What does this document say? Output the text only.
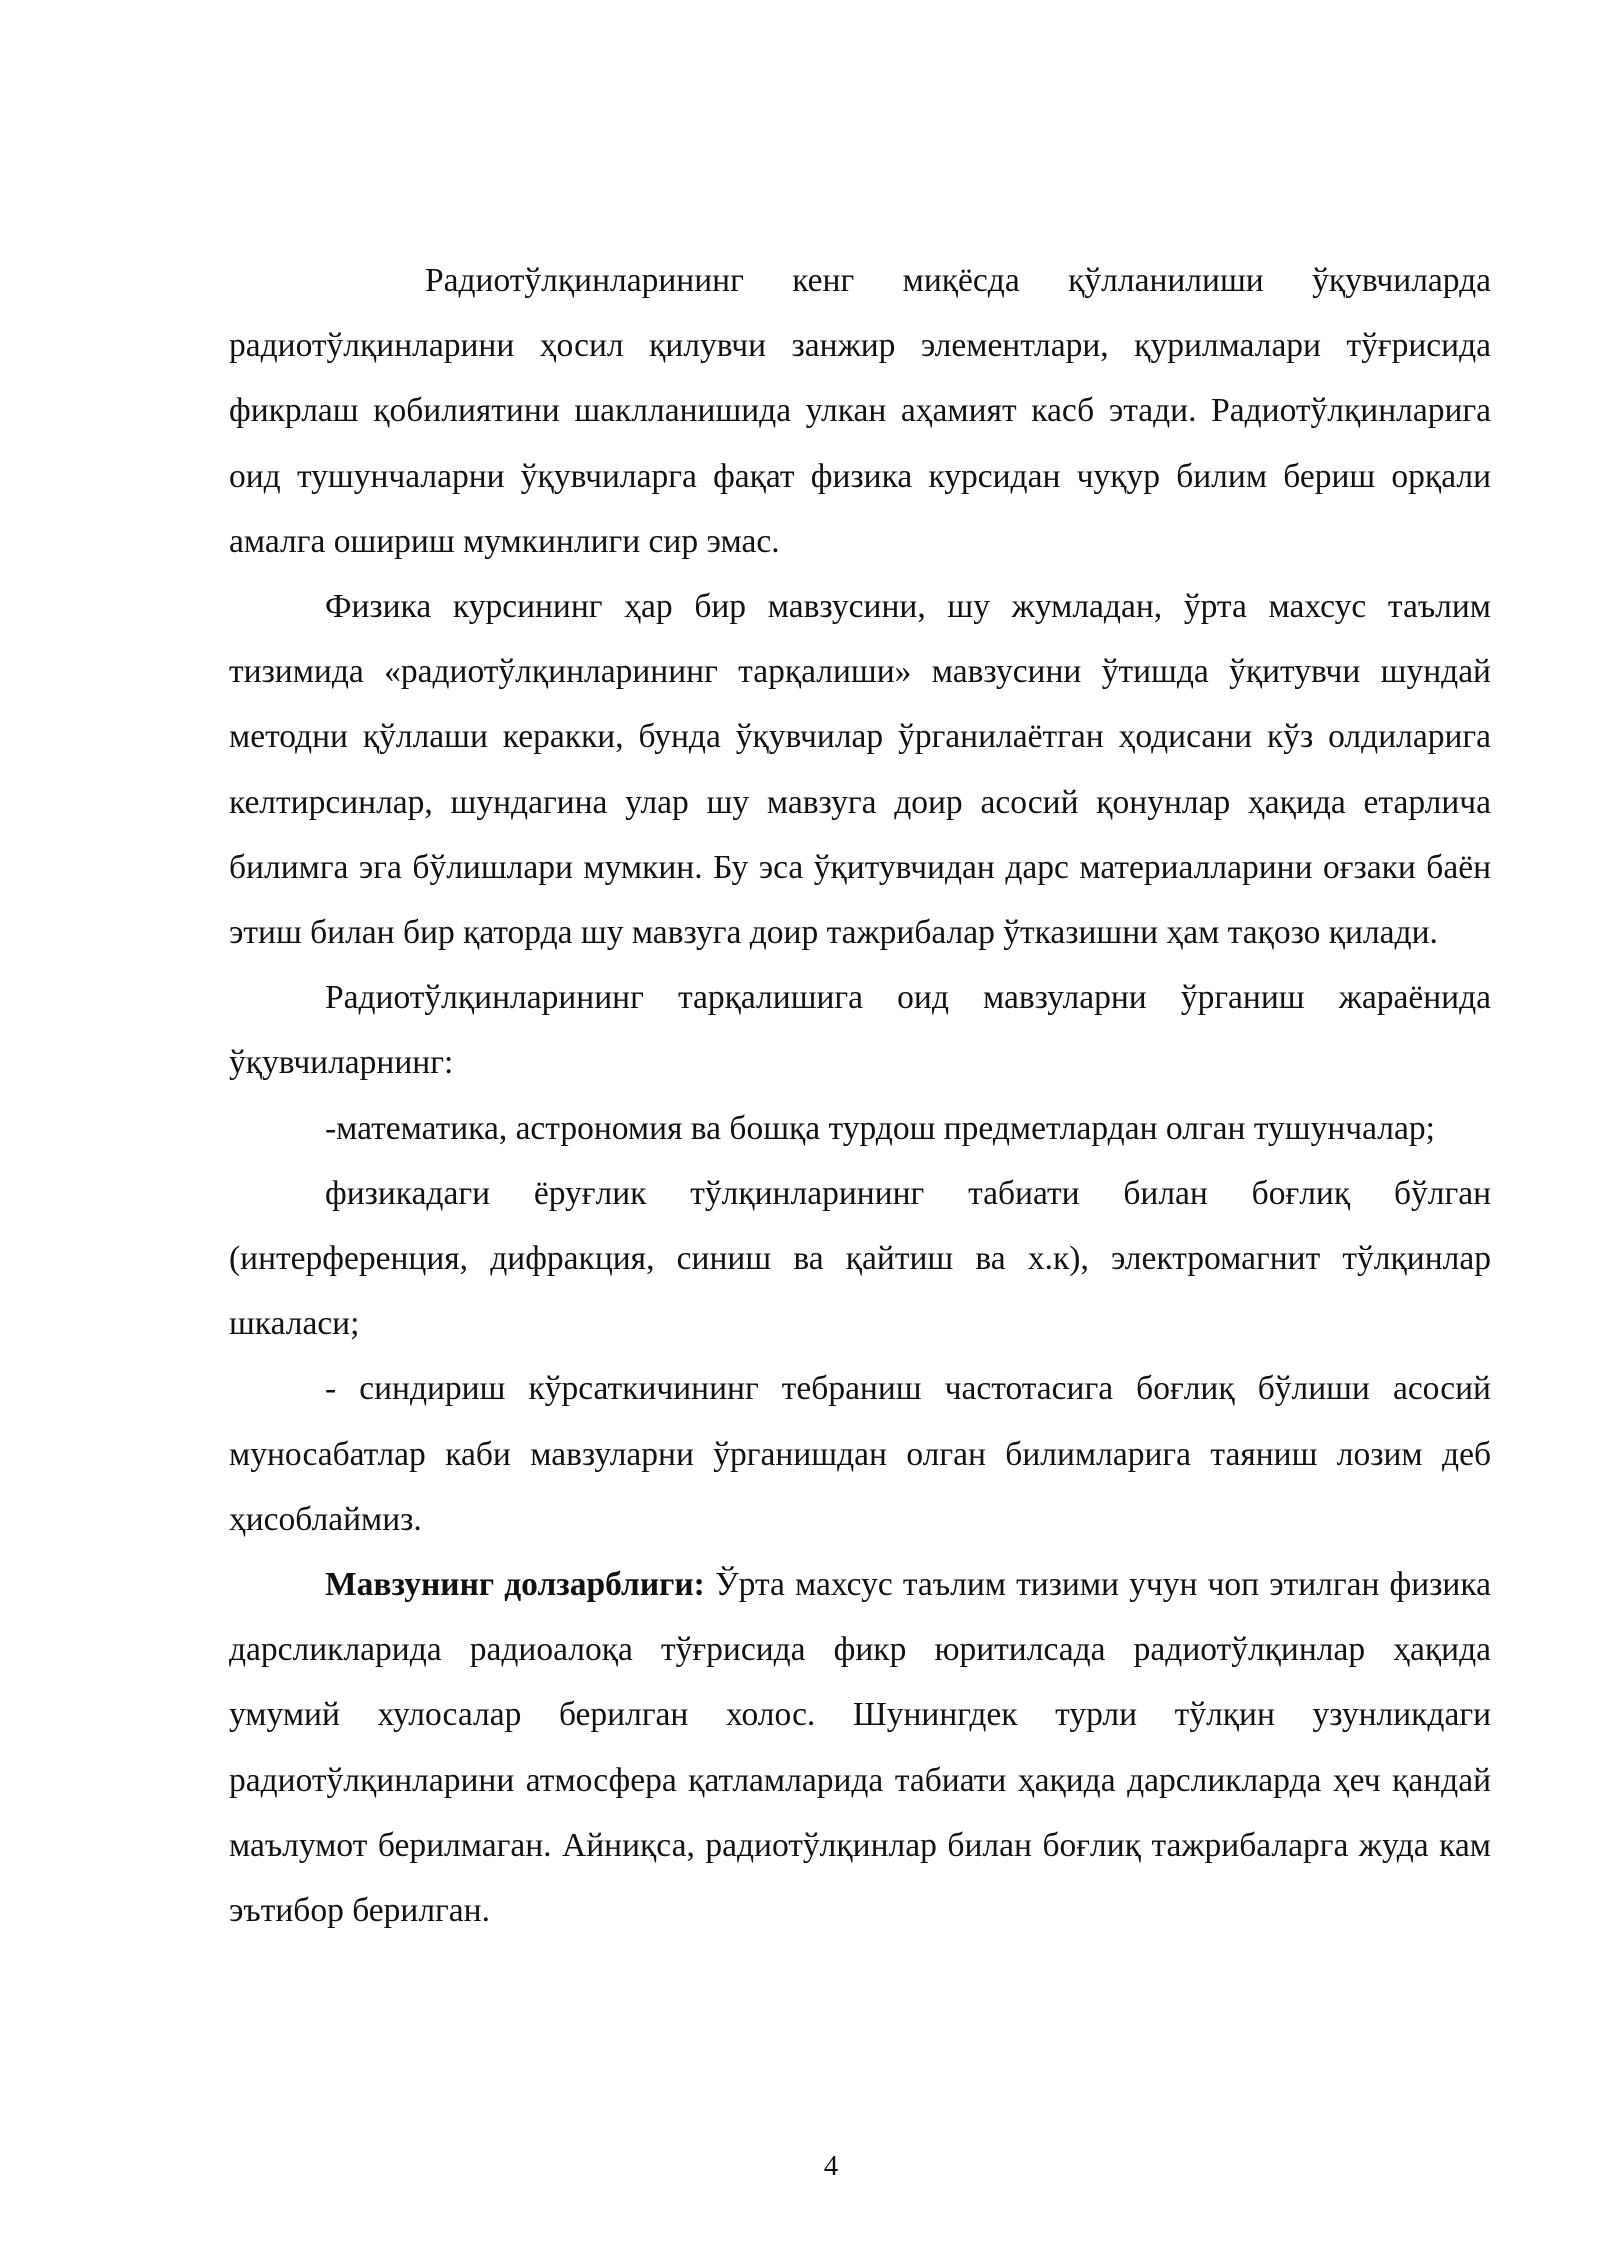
Радиотўлқинларининг кенг миқёсда қўлланилиши ўқувчиларда радиотўлқинларини ҳосил қилувчи занжир элементлари, қурилмалари тўғрисида фикрлаш қобилиятини шаклланишида улкан аҳамият касб этади. Радиотўлқинларига оид тушунчаларни ўқувчиларга фақат физика курсидан чуқур билим бериш орқали амалга ошириш мумкинлиги сир эмас.

Физика курсининг ҳар бир мавзусини, шу жумладан, ўрта махсус таълим тизимида «радиотўлқинларининг тарқалиши» мавзусини ўтишда ўқитувчи шундай методни қўллаши керакки, бунда ўқувчилар ўрганилаётган ҳодисани кўз олдиларига келтирсинлар, шундагина улар шу мавзуга доир асосий қонунлар ҳақида етарлича билимга эга бўлишлари мумкин. Бу эса ўқитувчидан дарс материалларини оғзаки баён этиш билан бир қаторда шу мавзуга доир тажрибалар ўтказишни ҳам тақозо қилади.

Радиотўлқинларининг тарқалишига оид мавзуларни ўрганиш жараёнида ўқувчиларнинг:

-математика, астрономия ва бошқа турдош предметлардан олган тушунчалар;

физикадаги ёруғлик тўлқинларининг табиати билан боғлиқ бўлган (интерференция, дифракция, синиш ва қайтиш ва х.к), электромагнит тўлқинлар шкаласи;

- синдириш кўрсаткичининг тебраниш частотасига боғлиқ бўлиши асосий муносабатлар каби мавзуларни ўрганишдан олган билимларига таяниш лозим деб ҳисоблаймиз.

Мавзунинг долзарблиги: Ўрта махсус таълим тизими учун чоп этилган физика дарсликларида радиоалоқа тўғрисида фикр юритилсада радиотўлқинлар ҳақида умумий хулосалар берилган холос. Шунингдек турли тўлқин узунликдаги радиотўлқинларини атмосфера қатламларида табиати ҳақида дарсликларда ҳеч қандай маълумот берилмаган. Айниқса, радиотўлқинлар билан боғлиқ тажрибаларга жуда кам эътибор берилган.

4
